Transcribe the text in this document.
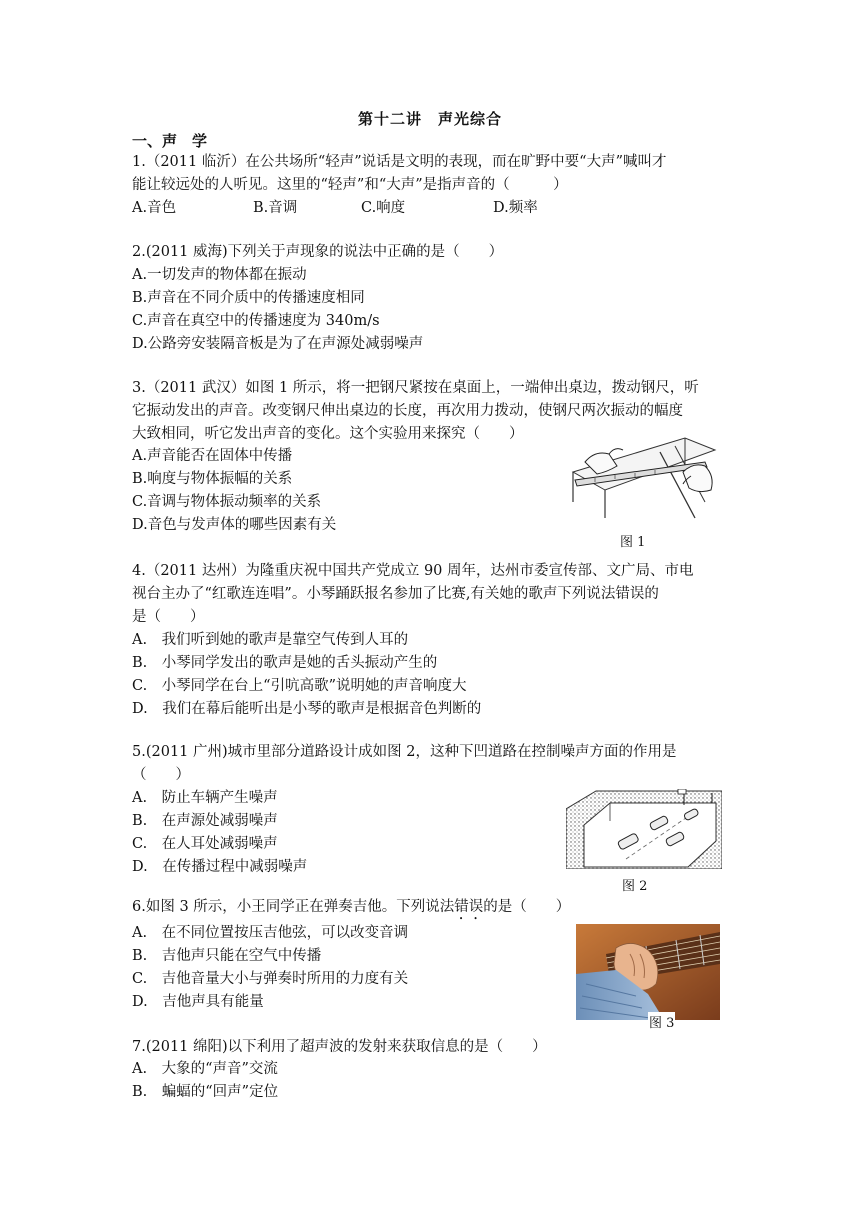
第十二讲　声光综合
一、声　学
1.（2011 临沂）在公共场所“轻声”说话是文明的表现，而在旷野中要“大声”喊叫才
能让较远处的人听见。这里的“轻声”和“大声”是指声音的（　　　）
A.音色	B.音调	C.响度	D.频率
2.(2011 威海)下列关于声现象的说法中正确的是（　　）
A.一切发声的物体都在振动
B.声音在不同介质中的传播速度相同
C.声音在真空中的传播速度为 340m/s
D.公路旁安装隔音板是为了在声源处减弱噪声
3.（2011 武汉）如图 1 所示，将一把钢尺紧按在桌面上，一端伸出桌边，拨动钢尺，听
它振动发出的声音。改变钢尺伸出桌边的长度，再次用力拨动，使钢尺两次振动的幅度
大致相同，听它发出声音的变化。这个实验用来探究（　　）
A.声音能否在固体中传播
B.响度与物体振幅的关系
C.音调与物体振动频率的关系
D.音色与发声体的哪些因素有关
图 1
4.（2011 达州）为隆重庆祝中国共产党成立 90 周年，达州市委宣传部、文广局、市电
视台主办了“红歌连连唱”。小琴踊跃报名参加了比赛,有关她的歌声下列说法错误的
是（　　）
A.　我们听到她的歌声是靠空气传到人耳的
B.　小琴同学发出的歌声是她的舌头振动产生的
C.　小琴同学在台上“引吭高歌”说明她的声音响度大
D.　我们在幕后能听出是小琴的歌声是根据音色判断的
5.(2011 广州)城市里部分道路设计成如图 2，这种下凹道路在控制噪声方面的作用是
（　　）
A.　防止车辆产生噪声
B.　在声源处减弱噪声
C.　在人耳处减弱噪声
D.　在传播过程中减弱噪声
图 2
6.如图 3 所示，小王同学正在弹奏吉他。下列说法错误的是（　　）
A.　在不同位置按压吉他弦，可以改变音调
B.　吉他声只能在空气中传播
C.　吉他音量大小与弹奏时所用的力度有关
D.　吉他声具有能量
图 3
7.(2011 绵阳)以下利用了超声波的发射来获取信息的是（　　）
A.　大象的“声音”交流
B.　蝙蝠的“回声”定位
